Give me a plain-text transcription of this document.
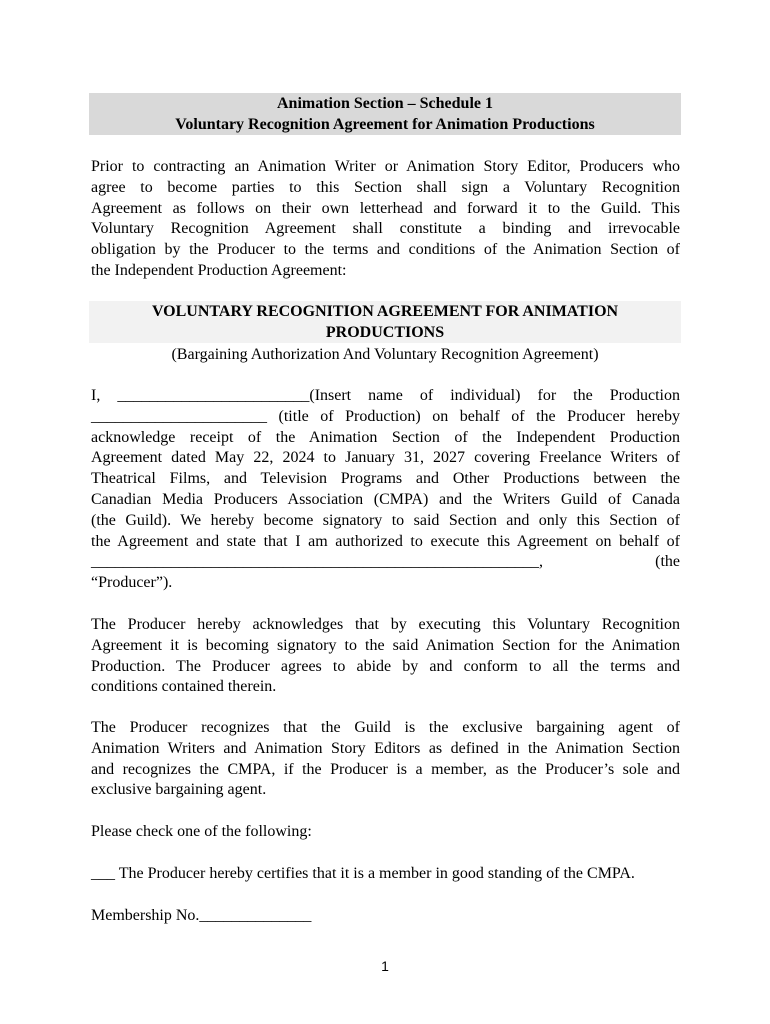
Animation Section – Schedule 1
Voluntary Recognition Agreement for Animation Productions
Prior to contracting an Animation Writer or Animation Story Editor, Producers who
agree to become parties to this Section shall sign a Voluntary Recognition
Agreement as follows on their own letterhead and forward it to the Guild. This
Voluntary Recognition Agreement shall constitute a binding and irrevocable
obligation by the Producer to the terms and conditions of the Animation Section of
the Independent Production Agreement:
VOLUNTARY RECOGNITION AGREEMENT FOR ANIMATION
PRODUCTIONS
(Bargaining Authorization And Voluntary Recognition Agreement)
I, ________________________(Insert name of individual) for the Production
______________________ (title of Production) on behalf of the Producer hereby
acknowledge receipt of the Animation Section of the Independent Production
Agreement dated May 22, 2024 to January 31, 2027 covering Freelance Writers of
Theatrical Films, and Television Programs and Other Productions between the
Canadian Media Producers Association (CMPA) and the Writers Guild of Canada
(the Guild). We hereby become signatory to said Section and only this Section of
the Agreement and state that I am authorized to execute this Agreement on behalf of
________________________________________________________, (the
“Producer”).
The Producer hereby acknowledges that by executing this Voluntary Recognition
Agreement it is becoming signatory to the said Animation Section for the Animation
Production. The Producer agrees to abide by and conform to all the terms and
conditions contained therein.
The Producer recognizes that the Guild is the exclusive bargaining agent of
Animation Writers and Animation Story Editors as defined in the Animation Section
and recognizes the CMPA, if the Producer is a member, as the Producer’s sole and
exclusive bargaining agent.
Please check one of the following:
___ The Producer hereby certifies that it is a member in good standing of the CMPA.
Membership No.______________
1
